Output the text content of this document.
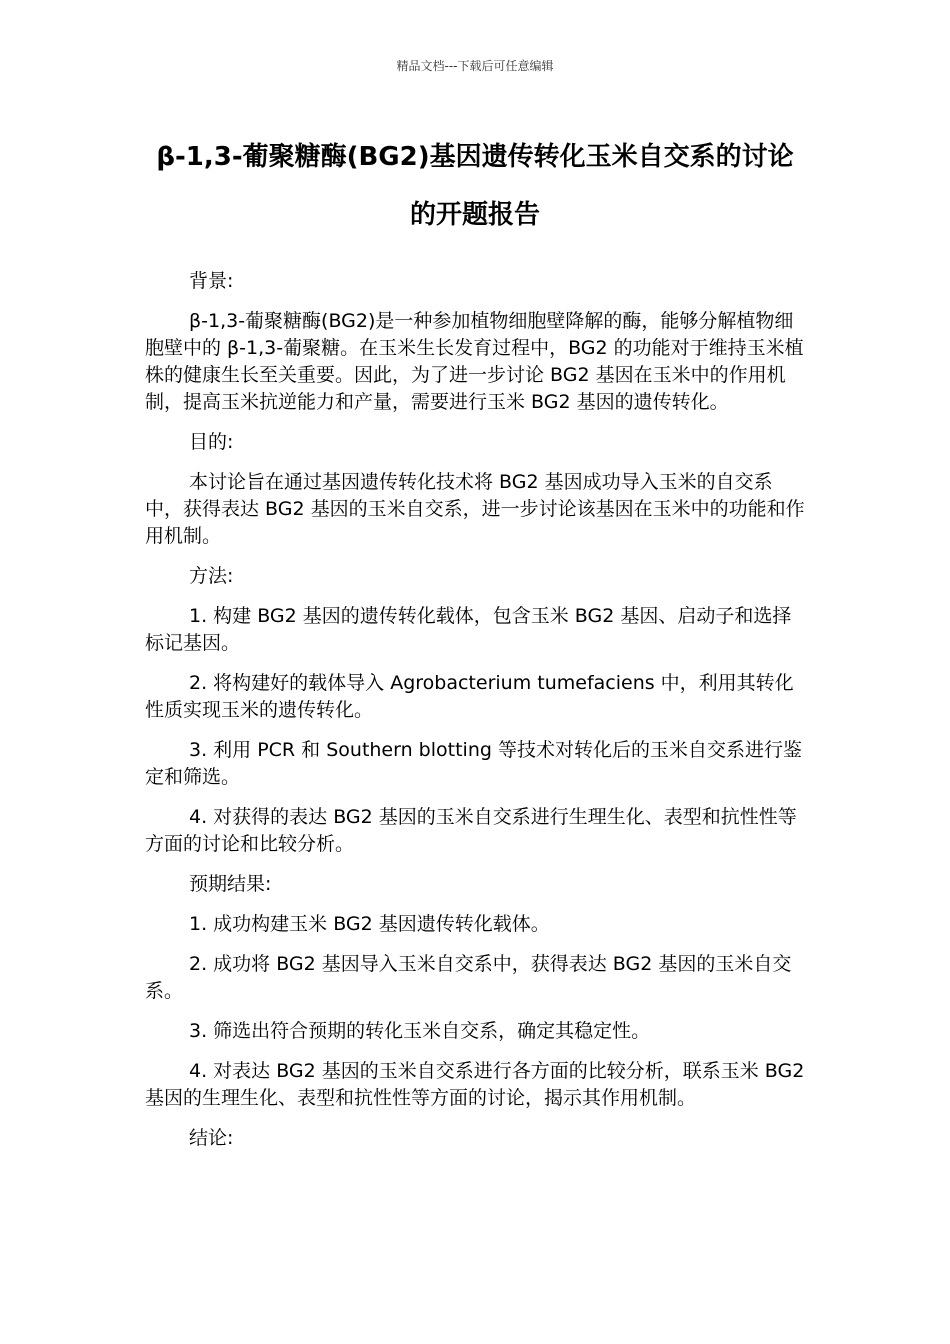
精品文档---下载后可任意编辑
β-1,3-葡聚糖酶(BG2)基因遗传转化玉米自交系的讨论的开题报告

背景:

β-1,3-葡聚糖酶(BG2)是一种参加植物细胞壁降解的酶，能够分解植物细胞壁中的 β-1,3-葡聚糖。在玉米生长发育过程中，BG2 的功能对于维持玉米植株的健康生长至关重要。因此，为了进一步讨论 BG2 基因在玉米中的作用机制，提高玉米抗逆能力和产量，需要进行玉米 BG2 基因的遗传转化。

目的:

本讨论旨在通过基因遗传转化技术将 BG2 基因成功导入玉米的自交系中，获得表达 BG2 基因的玉米自交系，进一步讨论该基因在玉米中的功能和作用机制。

方法:

1. 构建 BG2 基因的遗传转化载体，包含玉米 BG2 基因、启动子和选择标记基因。

2. 将构建好的载体导入 Agrobacterium tumefaciens 中，利用其转化性质实现玉米的遗传转化。

3. 利用 PCR 和 Southern blotting 等技术对转化后的玉米自交系进行鉴定和筛选。

4. 对获得的表达 BG2 基因的玉米自交系进行生理生化、表型和抗性性等方面的讨论和比较分析。

预期结果:

1. 成功构建玉米 BG2 基因遗传转化载体。

2. 成功将 BG2 基因导入玉米自交系中，获得表达 BG2 基因的玉米自交系。

3. 筛选出符合预期的转化玉米自交系，确定其稳定性。

4. 对表达 BG2 基因的玉米自交系进行各方面的比较分析，联系玉米 BG2 基因的生理生化、表型和抗性性等方面的讨论，揭示其作用机制。

结论:
